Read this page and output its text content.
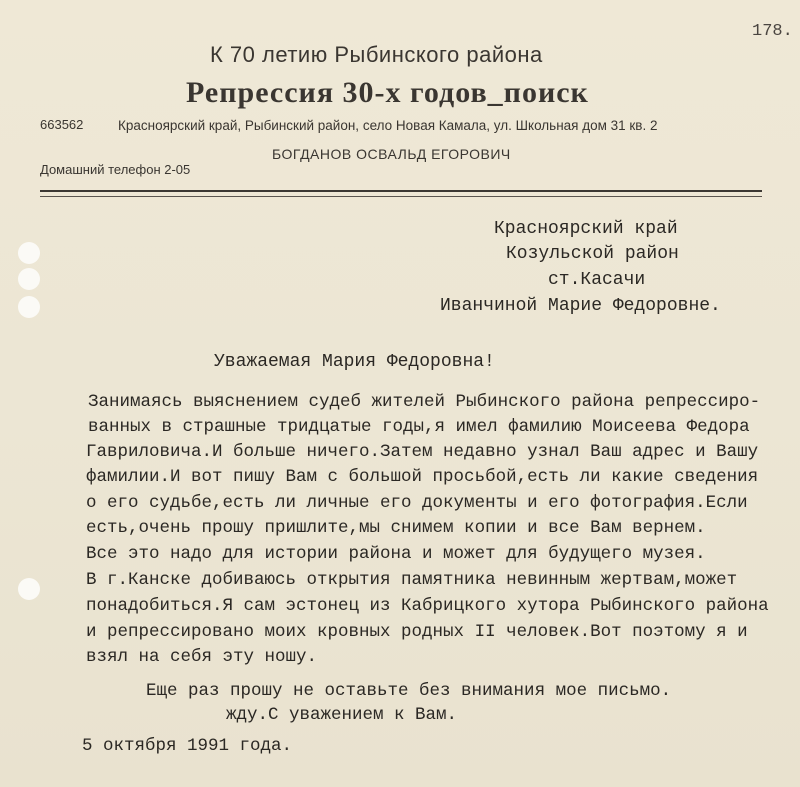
178.
К 70 летию Рыбинского района
Репрессия 30-х годов_поиск
663562	Красноярский край, Рыбинский район, село Новая Камала, ул. Школьная дом 31 кв. 2
БОГДАНОВ ОСВАЛЬД ЕГОРОВИЧ
Домашний телефон 2-05
Красноярский край
Козульской район
ст.Касачи
Иванчиной Марие Федоровне.
Уважаемая Мария Федоровна!
Занимаясь выяснением судеб жителей Рыбинского района репрессиро-
ванных в страшные тридцатые годы,я имел фамилию Моисеева Федора
Гавриловича.И больше ничего.Затем недавно узнал Ваш адрес и Вашу
фамилии.И вот пишу Вам с большой просьбой,есть ли какие сведения
о его судьбе,есть ли личные его документы и его фотография.Если
есть,очень прошу пришлите,мы снимем копии и все Вам вернем.
Все это надо для истории района и может для будущего музея.
В г.Канске добиваюсь открытия памятника невинным жертвам,может
понадобиться.Я сам эстонец из Кабрицкого хутора Рыбинского района
и репрессировано моих кровных родных II человек.Вот поэтому я и
взял на себя эту ношу.
Еще раз прошу не оставьте без внимания мое письмо.
жду.С уважением к Вам.
5 октября 1991 года.
